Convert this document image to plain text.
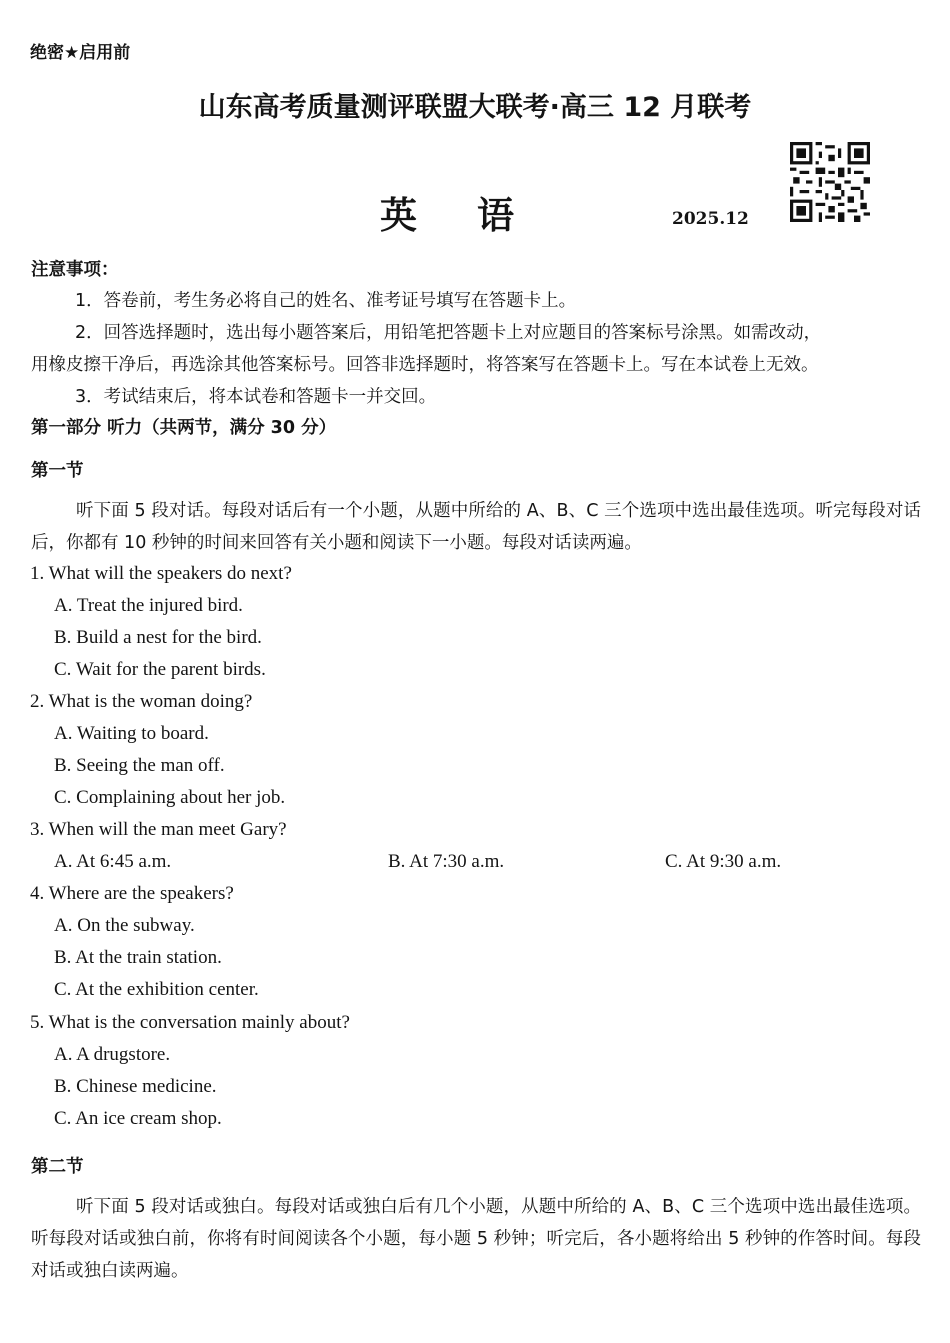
绝密★启用前
山东高考质量测评联盟大联考·高三 12 月联考
英语	2025.12
注意事项：
1．答卷前，考生务必将自己的姓名、准考证号填写在答题卡上。
2．回答选择题时，选出每小题答案后，用铅笔把答题卡上对应题目的答案标号涂黑。如需改动，
用橡皮擦干净后，再选涂其他答案标号。回答非选择题时，将答案写在答题卡上。写在本试卷上无效。
3．考试结束后，将本试卷和答题卡一并交回。
第一部分 听力（共两节，满分 30 分）
第一节
听下面 5 段对话。每段对话后有一个小题，从题中所给的 A、B、C 三个选项中选出最佳选项。听完每段对话后，你都有 10 秒钟的时间来回答有关小题和阅读下一小题。每段对话读两遍。
1. What will the speakers do next?
A. Treat the injured bird.
B. Build a nest for the bird.
C. Wait for the parent birds.
2. What is the woman doing?
A. Waiting to board.
B. Seeing the man off.
C. Complaining about her job.
3. When will the man meet Gary?
A. At 6:45 a.m.	B. At 7:30 a.m.	C. At 9:30 a.m.
4. Where are the speakers?
A. On the subway.
B. At the train station.
C. At the exhibition center.
5. What is the conversation mainly about?
A. A drugstore.
B. Chinese medicine.
C. An ice cream shop.
第二节
听下面 5 段对话或独白。每段对话或独白后有几个小题，从题中所给的 A、B、C 三个选项中选出最佳选项。听每段对话或独白前，你将有时间阅读各个小题，每小题 5 秒钟；听完后，各小题将给出 5 秒钟的作答时间。每段对话或独白读两遍。
